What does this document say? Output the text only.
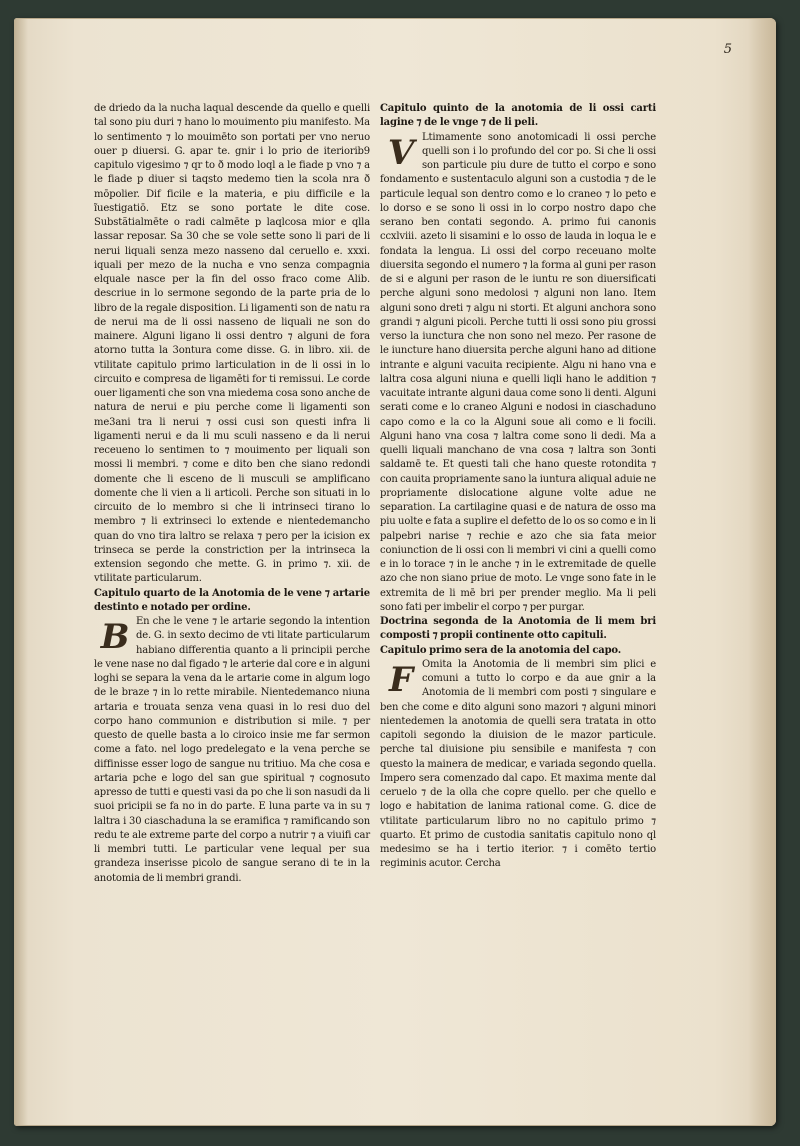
5

de driedo da la nucha laqual descende da quello e quelli tal sono piu duri ⁊ hano lo mouimento piu manifesto. Ma lo sentimento ⁊ lo mouimēto son portati per vno neruo ouer p diuersi. G. apar te. gnir i lo prio de iteriorib9 capitulo vigesimo ⁊ qr to ð modo loql a le fiade p vno ⁊ a le fiade p diuer si taqsto medemo tien la scola nra ð mōpolier. Dif ficile e la materia, e piu difficile e la ĩuestigatiō. Etz se sono portate le dite cose. Substãtialmēte o radi calmēte p laqlcosa mior e qlla lassar reposar. Sa 30 che se vole sette sono li pari de li nerui liquali senza mezo nasseno dal ceruello e. xxxi. iquali per mezo de la nucha e vno senza compagnia elquale nasce per la fin del osso fraco come Alib. descriue in lo sermone segondo de la parte pria de lo libro de la regale disposition. Li ligamenti son de natu ra de nerui ma de li ossi nasseno de liquali ne son do mainere. Alguni ligano li ossi dentro ⁊ alguni de fora atorno tutta la 3ontura come disse. G. in libro. xii. de vtilitate capitulo primo larticulation in de li ossi in lo circuito e compresa de ligamēti for ti remissui. Le corde ouer ligamenti che son vna miedema cosa sono anche de natura de nerui e piu perche come li ligamenti son me3ani tra li nerui ⁊ ossi cusi son questi infra li ligamenti nerui e da li mu sculi nasseno e da li nerui receueno lo sentimen to ⁊ mouimento per liquali son mossi li membri. ⁊ come e dito ben che siano redondi domente che li esceno de li musculi se amplificano domente che li vien a li articoli. Perche son situati in lo circuito de lo membro si che li intrinseci tirano lo membro ⁊ li extrinseci lo extende e nientedemancho quan do vno tira laltro se relaxa ⁊ pero per la icision ex trinseca se perde la constriction per la intrinseca la extension segondo che mette. G. in primo ⁊. xii. de vtilitate particularum.

Capitulo quarto de la Anotomia de le vene ⁊ artarie destinto e notado per ordine.

B En che le vene ⁊ le artarie segondo la intention de. G. in sexto decimo de vti litate particularum habiano differentia quanto a li principii perche le vene nase no dal figado ⁊ le arterie dal core e in alguni loghi se separa la vena da le artarie come in algum logo de le braze ⁊ in lo rette mirabile. Nientedemanco niuna artaria e trouata senza vena quasi in lo resi duo del corpo hano communion e distribution si mile. ⁊ per questo de quelle basta a lo ciroico insie me far sermon come a fato. nel logo predelegato e la vena perche se diffinisse esser logo de sangue nu tritiuo. Ma che cosa e artaria pche e logo del san gue spiritual ⁊ cognosuto apresso de tutti e questi vasi da po che li son nasudi da li suoi pricipii se fa no in do parte. E luna parte va in su ⁊ laltra i 30 ciaschaduna la se eramifica ⁊ ramificando son redu te ale extreme parte del corpo a nutrir ⁊ a viuifi car li membri tutti. Le particular vene lequal per sua grandeza inserisse picolo de sangue serano di te in la anotomia de li membri grandi.

Capitulo quinto de la anotomia de li ossi carti lagine ⁊ de le vnge ⁊ de li peli.

V Ltimamente sono anotomicadi li ossi perche quelli son i lo profundo del cor po. Si che li ossi son particule piu dure de tutto el corpo e sono fondamento e sustentaculo alguni son a custodia ⁊ de le particule lequal son dentro como e lo craneo ⁊ lo peto e lo dorso e se sono li ossi in lo corpo nostro dapo che serano ben contati segondo. A. primo fui canonis ccxlviii. azeto li sisamini e lo osso de lauda in loqua le e fondata la lengua. Li ossi del corpo receuano molte diuersita segondo el numero ⁊ la forma al guni per rason de si e alguni per rason de le iuntu re son diuersificati perche alguni sono medolosi ⁊ alguni non lano. Item alguni sono dreti ⁊ algu ni storti. Et alguni anchora sono grandi ⁊ alguni picoli. Perche tutti li ossi sono piu grossi verso la iunctura che non sono nel mezo. Per rasone de le iuncture hano diuersita perche alguni hano ad ditione intrante e alguni vacuita recipiente. Algu ni hano vna e laltra cosa alguni niuna e quelli liqli hano le addition ⁊ vacuitate intrante alguni daua come sono li denti. Alguni serati come e lo craneo Alguni e nodosi in ciaschaduno capo como e la co la Alguni soue ali como e li focili. Alguni hano vna cosa ⁊ laltra come sono li dedi. Ma a quelli liquali manchano de vna cosa ⁊ laltra son 3onti saldamē te. Et questi tali che hano queste rotondita ⁊ con cauita propriamente sano la iuntura aliqual aduie ne propriamente dislocatione algune volte adue ne separation. La cartilagine quasi e de natura de osso ma piu uolte e fata a suplire el defetto de lo os so como e in li palpebri narise ⁊ rechie e azo che sia fata meior coniunction de li ossi con li membri vi cini a quelli como e in lo torace ⁊ in le anche ⁊ in le extremitade de quelle azo che non siano priue de moto. Le vnge sono fate in le extremita de li mē bri per prender meglio. Ma li peli sono fati per imbelir el corpo ⁊ per purgar.

Doctrina segonda de la Anotomia de li mem bri composti ⁊ propii continente otto capituli.

Capitulo primo sera de la anotomia del capo.

F Omita la Anotomia de li membri sim plici e comuni a tutto lo corpo e da aue gnir a la Anotomia de li membri com posti ⁊ singulare e ben che come e dito alguni sono mazori ⁊ alguni minori nientedemen la anotomia de quelli sera tratata in otto capitoli segondo la diuision de le mazor particule. perche tal diuisione piu sensibile e manifesta ⁊ con questo la mainera de medicar, e variada segondo quella. Impero sera comenzado dal capo. Et maxima mente dal ceruelo ⁊ de la olla che copre quello. per che quello e logo e habitation de lanima rational come. G. dice de vtilitate particularum libro no no capitulo primo ⁊ quarto. Et primo de custodia sanitatis capitulo nono ql medesimo se ha i tertio iterior. ⁊ i comēto tertio regiminis acutor. Cercha
